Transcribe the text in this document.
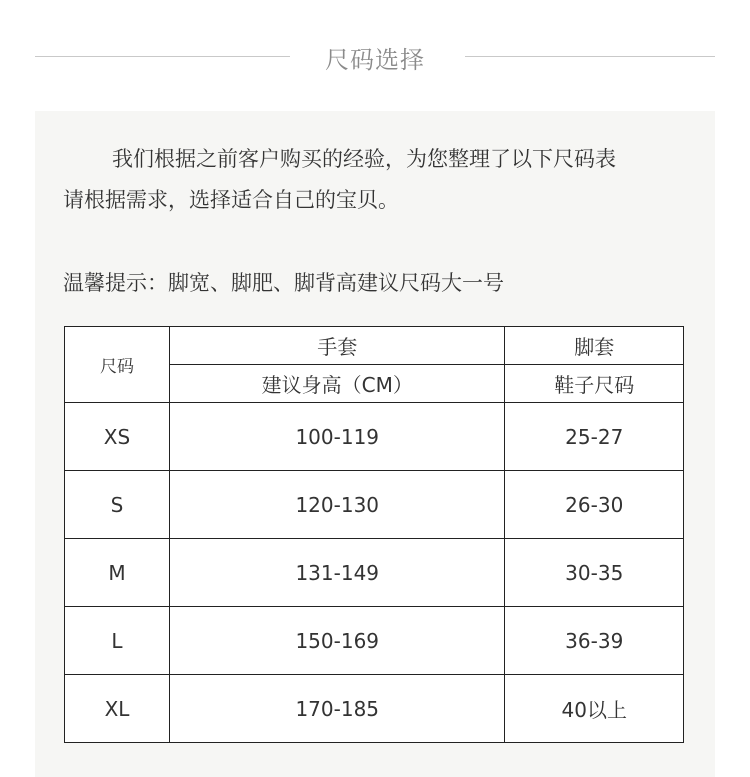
尺码选择
我们根据之前客户购买的经验，为您整理了以下尺码表
请根据需求，选择适合自己的宝贝。
温馨提示：脚宽、脚肥、脚背高建议尺码大一号
尺码	手套	脚套
	建议身高（CM）	鞋子尺码
XS	100-119	25-27
S	120-130	26-30
M	131-149	30-35
L	150-169	36-39
XL	170-185	40以上
